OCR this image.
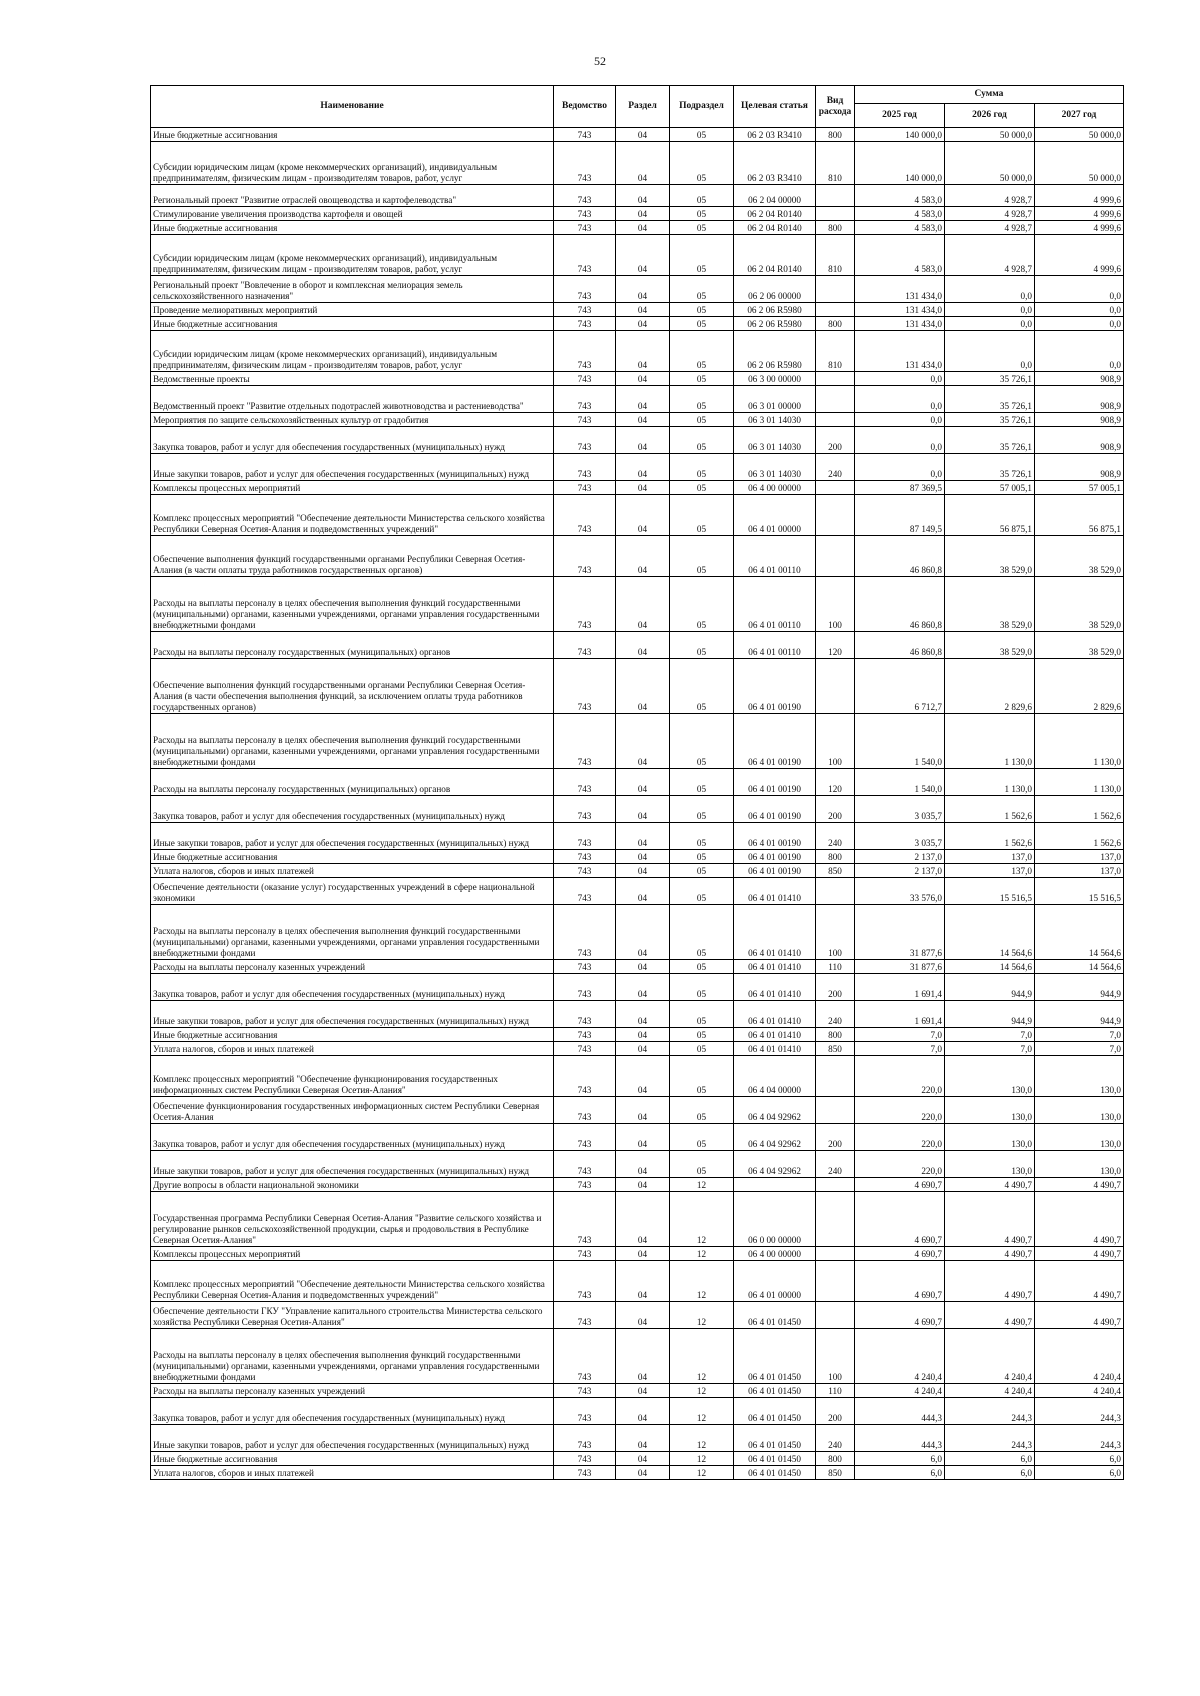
52
Наименование	Ведомство	Раздел	Подраздел	Целевая статья	Вид расхода	Сумма		
						2025 год	2026 год	2027 год
Иные бюджетные ассигнования	743	04	05	06 2 03 R3410	800	140 000,0	50 000,0	50 000,0
Субсидии юридическим лицам (кроме некоммерческих организаций), индивидуальным предпринимателям, физическим лицам - производителям товаров, работ, услуг	743	04	05	06 2 03 R3410	810	140 000,0	50 000,0	50 000,0
Региональный проект "Развитие отраслей овощеводства и картофелеводства"	743	04	05	06 2 04 00000		4 583,0	4 928,7	4 999,6
Стимулирование увеличения производства картофеля и овощей	743	04	05	06 2 04 R0140		4 583,0	4 928,7	4 999,6
Иные бюджетные ассигнования	743	04	05	06 2 04 R0140	800	4 583,0	4 928,7	4 999,6
Субсидии юридическим лицам (кроме некоммерческих организаций), индивидуальным предпринимателям, физическим лицам - производителям товаров, работ, услуг	743	04	05	06 2 04 R0140	810	4 583,0	4 928,7	4 999,6
Региональный проект "Вовлечение в оборот и комплексная мелиорация земель сельскохозяйственного назначения"	743	04	05	06 2 06 00000		131 434,0	0,0	0,0
Проведение мелиоративных мероприятий	743	04	05	06 2 06 R5980		131 434,0	0,0	0,0
Иные бюджетные ассигнования	743	04	05	06 2 06 R5980	800	131 434,0	0,0	0,0
Субсидии юридическим лицам (кроме некоммерческих организаций), индивидуальным предпринимателям, физическим лицам - производителям товаров, работ, услуг	743	04	05	06 2 06 R5980	810	131 434,0	0,0	0,0
Ведомственные проекты	743	04	05	06 3 00 00000		0,0	35 726,1	908,9
Ведомственный проект "Развитие отдельных подотраслей животноводства и растениеводства"	743	04	05	06 3 01 00000		0,0	35 726,1	908,9
Мероприятия по защите сельскохозяйственных культур от градобития	743	04	05	06 3 01 14030		0,0	35 726,1	908,9
Закупка товаров, работ и услуг для обеспечения государственных (муниципальных) нужд	743	04	05	06 3 01 14030	200	0,0	35 726,1	908,9
Иные закупки товаров, работ и услуг для обеспечения государственных (муниципальных) нужд	743	04	05	06 3 01 14030	240	0,0	35 726,1	908,9
Комплексы процессных мероприятий	743	04	05	06 4 00 00000		87 369,5	57 005,1	57 005,1
Комплекс процессных мероприятий "Обеспечение деятельности Министерства сельского хозяйства Республики Северная Осетия-Алания и подведомственных учреждений"	743	04	05	06 4 01 00000		87 149,5	56 875,1	56 875,1
Обеспечение выполнения функций государственными органами Республики Северная Осетия-Алания (в части оплаты труда работников государственных органов)	743	04	05	06 4 01 00110		46 860,8	38 529,0	38 529,0
Расходы на выплаты персоналу в целях обеспечения выполнения функций государственными (муниципальными) органами, казенными учреждениями, органами управления государственными внебюджетными фондами	743	04	05	06 4 01 00110	100	46 860,8	38 529,0	38 529,0
Расходы на выплаты персоналу государственных (муниципальных) органов	743	04	05	06 4 01 00110	120	46 860,8	38 529,0	38 529,0
Обеспечение выполнения функций государственными органами Республики Северная Осетия-Алания (в части обеспечения выполнения функций, за исключением оплаты труда работников государственных органов)	743	04	05	06 4 01 00190		6 712,7	2 829,6	2 829,6
Расходы на выплаты персоналу в целях обеспечения выполнения функций государственными (муниципальными) органами, казенными учреждениями, органами управления государственными внебюджетными фондами	743	04	05	06 4 01 00190	100	1 540,0	1 130,0	1 130,0
Расходы на выплаты персоналу государственных (муниципальных) органов	743	04	05	06 4 01 00190	120	1 540,0	1 130,0	1 130,0
Закупка товаров, работ и услуг для обеспечения государственных (муниципальных) нужд	743	04	05	06 4 01 00190	200	3 035,7	1 562,6	1 562,6
Иные закупки товаров, работ и услуг для обеспечения государственных (муниципальных) нужд	743	04	05	06 4 01 00190	240	3 035,7	1 562,6	1 562,6
Иные бюджетные ассигнования	743	04	05	06 4 01 00190	800	2 137,0	137,0	137,0
Уплата налогов, сборов и иных платежей	743	04	05	06 4 01 00190	850	2 137,0	137,0	137,0
Обеспечение деятельности (оказание услуг) государственных учреждений в сфере национальной экономики	743	04	05	06 4 01 01410		33 576,0	15 516,5	15 516,5
Расходы на выплаты персоналу в целях обеспечения выполнения функций государственными (муниципальными) органами, казенными учреждениями, органами управления государственными внебюджетными фондами	743	04	05	06 4 01 01410	100	31 877,6	14 564,6	14 564,6
Расходы на выплаты персоналу казенных учреждений	743	04	05	06 4 01 01410	110	31 877,6	14 564,6	14 564,6
Закупка товаров, работ и услуг для обеспечения государственных (муниципальных) нужд	743	04	05	06 4 01 01410	200	1 691,4	944,9	944,9
Иные закупки товаров, работ и услуг для обеспечения государственных (муниципальных) нужд	743	04	05	06 4 01 01410	240	1 691,4	944,9	944,9
Иные бюджетные ассигнования	743	04	05	06 4 01 01410	800	7,0	7,0	7,0
Уплата налогов, сборов и иных платежей	743	04	05	06 4 01 01410	850	7,0	7,0	7,0
Комплекс процессных мероприятий "Обеспечение функционирования государственных информационных систем Республики Северная Осетия-Алания"	743	04	05	06 4 04 00000		220,0	130,0	130,0
Обеспечение функционирования государственных информационных систем Республики Северная Осетия-Алания	743	04	05	06 4 04 92962		220,0	130,0	130,0
Закупка товаров, работ и услуг для обеспечения государственных (муниципальных) нужд	743	04	05	06 4 04 92962	200	220,0	130,0	130,0
Иные закупки товаров, работ и услуг для обеспечения государственных (муниципальных) нужд	743	04	05	06 4 04 92962	240	220,0	130,0	130,0
Другие вопросы в области национальной экономики	743	04	12			4 690,7	4 490,7	4 490,7
Государственная программа Республики Северная Осетия-Алания "Развитие сельского хозяйства и регулирование рынков сельскохозяйственной продукции, сырья и продовольствия в Республике Северная Осетия-Алания"	743	04	12	06 0 00 00000		4 690,7	4 490,7	4 490,7
Комплексы процессных мероприятий	743	04	12	06 4 00 00000		4 690,7	4 490,7	4 490,7
Комплекс процессных мероприятий "Обеспечение деятельности Министерства сельского хозяйства Республики Северная Осетия-Алания и подведомственных учреждений"	743	04	12	06 4 01 00000		4 690,7	4 490,7	4 490,7
Обеспечение деятельности ГКУ "Управление капитального строительства Министерства сельского хозяйства Республики Северная Осетия-Алания"	743	04	12	06 4 01 01450		4 690,7	4 490,7	4 490,7
Расходы на выплаты персоналу в целях обеспечения выполнения функций государственными (муниципальными) органами, казенными учреждениями, органами управления государственными внебюджетными фондами	743	04	12	06 4 01 01450	100	4 240,4	4 240,4	4 240,4
Расходы на выплаты персоналу казенных учреждений	743	04	12	06 4 01 01450	110	4 240,4	4 240,4	4 240,4
Закупка товаров, работ и услуг для обеспечения государственных (муниципальных) нужд	743	04	12	06 4 01 01450	200	444,3	244,3	244,3
Иные закупки товаров, работ и услуг для обеспечения государственных (муниципальных) нужд	743	04	12	06 4 01 01450	240	444,3	244,3	244,3
Иные бюджетные ассигнования	743	04	12	06 4 01 01450	800	6,0	6,0	6,0
Уплата налогов, сборов и иных платежей	743	04	12	06 4 01 01450	850	6,0	6,0	6,0
